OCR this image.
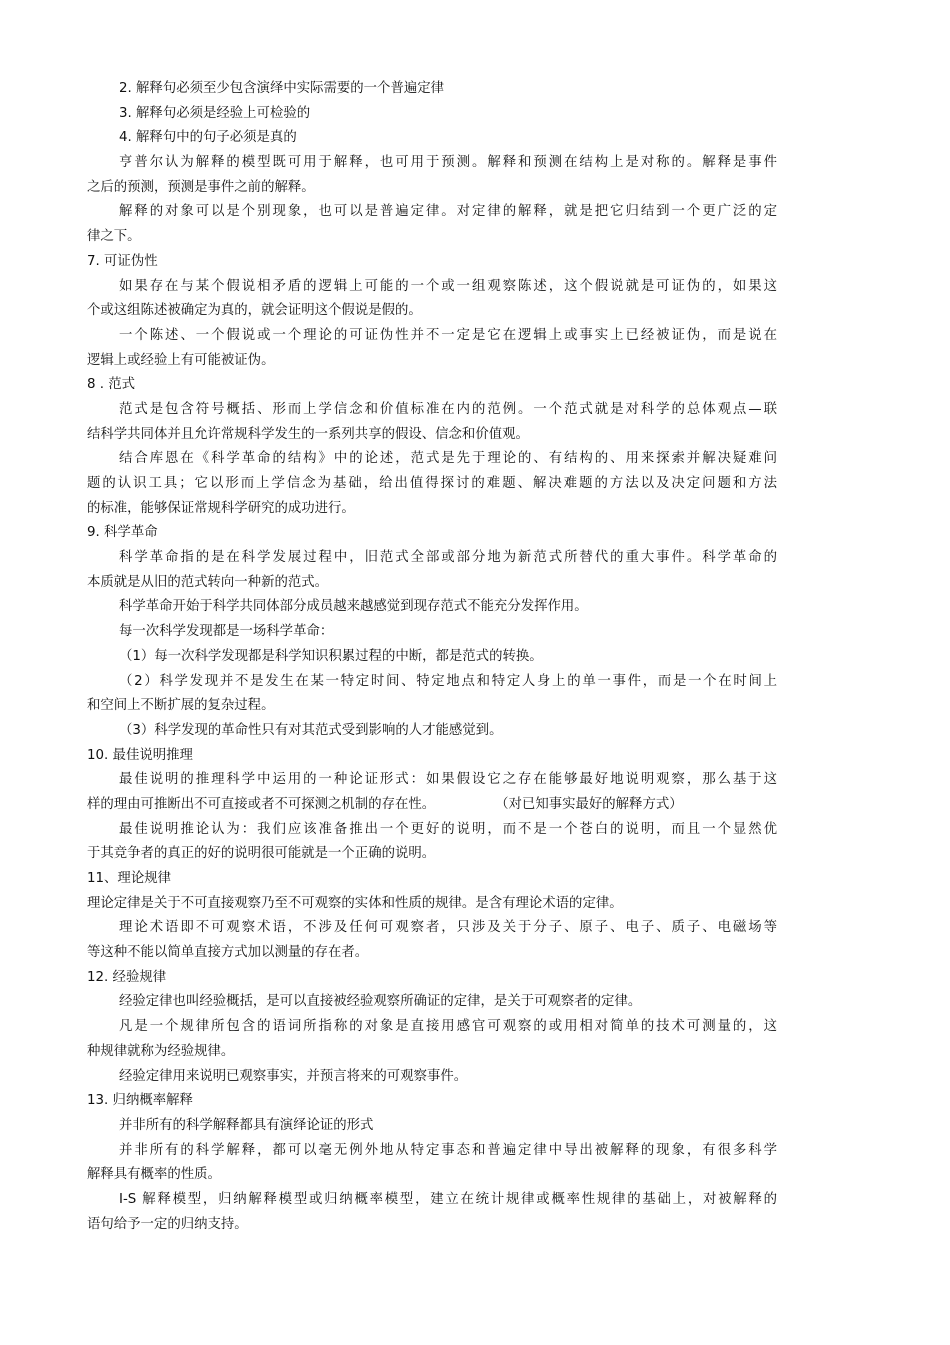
2. 解释句必须至少包含演绎中实际需要的一个普遍定律
3. 解释句必须是经验上可检验的
4. 解释句中的句子必须是真的
亨普尔认为解释的模型既可用于解释，也可用于预测。解释和预测在结构上是对称的。解释是事件
之后的预测，预测是事件之前的解释。
解释的对象可以是个别现象，也可以是普遍定律。对定律的解释，就是把它归结到一个更广泛的定
律之下。
7. 可证伪性
如果存在与某个假说相矛盾的逻辑上可能的一个或一组观察陈述，这个假说就是可证伪的，如果这
个或这组陈述被确定为真的，就会证明这个假说是假的。
一个陈述、一个假说或一个理论的可证伪性并不一定是它在逻辑上或事实上已经被证伪，而是说在
逻辑上或经验上有可能被证伪。
8 . 范式
范式是包含符号概括、形而上学信念和价值标准在内的范例。一个范式就是对科学的总体观点—联
结科学共同体并且允许常规科学发生的一系列共享的假设、信念和价值观。
结合库恩在《科学革命的结构》中的论述，范式是先于理论的、有结构的、用来探索并解决疑难问
题的认识工具；它以形而上学信念为基础，给出值得探讨的难题、解决难题的方法以及决定问题和方法
的标准，能够保证常规科学研究的成功进行。
9. 科学革命
科学革命指的是在科学发展过程中，旧范式全部或部分地为新范式所替代的重大事件。科学革命的
本质就是从旧的范式转向一种新的范式。
科学革命开始于科学共同体部分成员越来越感觉到现存范式不能充分发挥作用。
每一次科学发现都是一场科学革命：
（1）每一次科学发现都是科学知识积累过程的中断，都是范式的转换。
（2）科学发现并不是发生在某一特定时间、特定地点和特定人身上的单一事件，而是一个在时间上
和空间上不断扩展的复杂过程。
（3）科学发现的革命性只有对其范式受到影响的人才能感觉到。
10. 最佳说明推理
最佳说明的推理科学中运用的一种论证形式：如果假设它之存在能够最好地说明观察，那么基于这
样的理由可推断出不可直接或者不可探测之机制的存在性。	（对已知事实最好的解释方式）
最佳说明推论认为：我们应该准备推出一个更好的说明，而不是一个苍白的说明，而且一个显然优
于其竞争者的真正的好的说明很可能就是一个正确的说明。
11、理论规律
理论定律是关于不可直接观察乃至不可观察的实体和性质的规律。是含有理论术语的定律。
理论术语即不可观察术语，不涉及任何可观察者，只涉及关于分子、原子、电子、质子、电磁场等
等这种不能以简单直接方式加以测量的存在者。
12. 经验规律
经验定律也叫经验概括，是可以直接被经验观察所确证的定律，是关于可观察者的定律。
凡是一个规律所包含的语词所指称的对象是直接用感官可观察的或用相对简单的技术可测量的，这
种规律就称为经验规律。
经验定律用来说明已观察事实，并预言将来的可观察事件。
13. 归纳概率解释
并非所有的科学解释都具有演绎论证的形式
并非所有的科学解释，都可以毫无例外地从特定事态和普遍定律中导出被解释的现象，有很多科学
解释具有概率的性质。
I-S 解释模型，归纳解释模型或归纳概率模型，建立在统计规律或概率性规律的基础上，对被解释的
语句给予一定的归纳支持。
